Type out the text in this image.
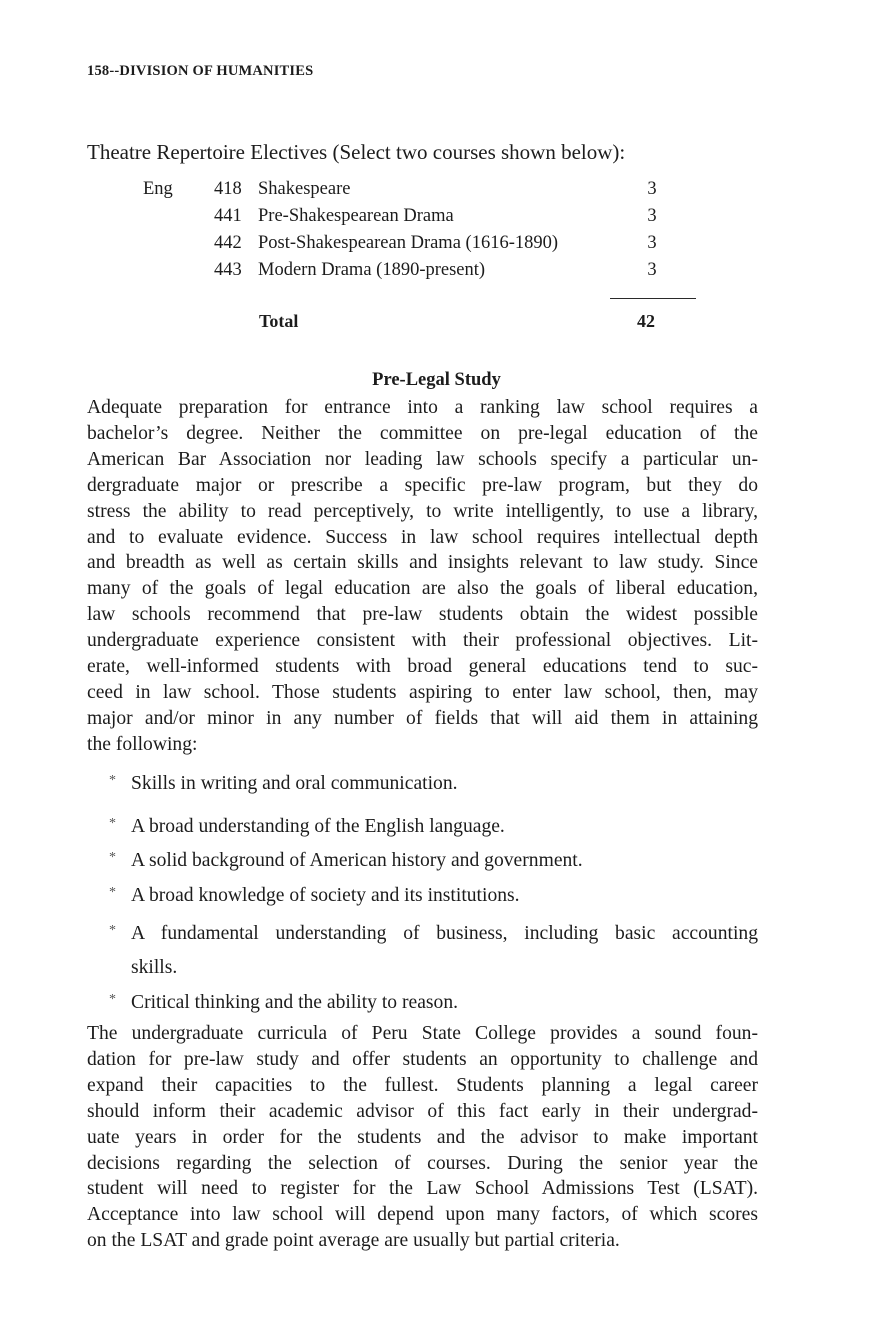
158--DIVISION OF HUMANITIES
Theatre Repertoire Electives (Select two courses shown below):
Eng 418 Shakespeare	3
441 Pre-Shakespearean Drama	3
442 Post-Shakespearean Drama (1616-1890)	3
443 Modern Drama (1890-present)	3
Total	42
Pre-Legal Study

Adequate preparation for entrance into a ranking law school requires a
bachelor’s degree. Neither the committee on pre-legal education of the
American Bar Association nor leading law schools specify a particular un-
dergraduate major or prescribe a specific pre-law program, but they do
stress the ability to read perceptively, to write intelligently, to use a library,
and to evaluate evidence. Success in law school requires intellectual depth
and breadth as well as certain skills and insights relevant to law study. Since
many of the goals of legal education are also the goals of liberal education,
law schools recommend that pre-law students obtain the widest possible
undergraduate experience consistent with their professional objectives. Lit-
erate, well-informed students with broad general educations tend to suc-
ceed in law school. Those students aspiring to enter law school, then, may
major and/or minor in any number of fields that will aid them in attaining
the following:

* Skills in writing and oral communication.
* A broad understanding of the English language.
* A solid background of American history and government.
* A broad knowledge of society and its institutions.
* A fundamental understanding of business, including basic accounting
skills.
* Critical thinking and the ability to reason.

The undergraduate curricula of Peru State College provides a sound foun-
dation for pre-law study and offer students an opportunity to challenge and
expand their capacities to the fullest. Students planning a legal career
should inform their academic advisor of this fact early in their undergrad-
uate years in order for the students and the advisor to make important
decisions regarding the selection of courses. During the senior year the
student will need to register for the Law School Admissions Test (LSAT).
Acceptance into law school will depend upon many factors, of which scores
on the LSAT and grade point average are usually but partial criteria.
